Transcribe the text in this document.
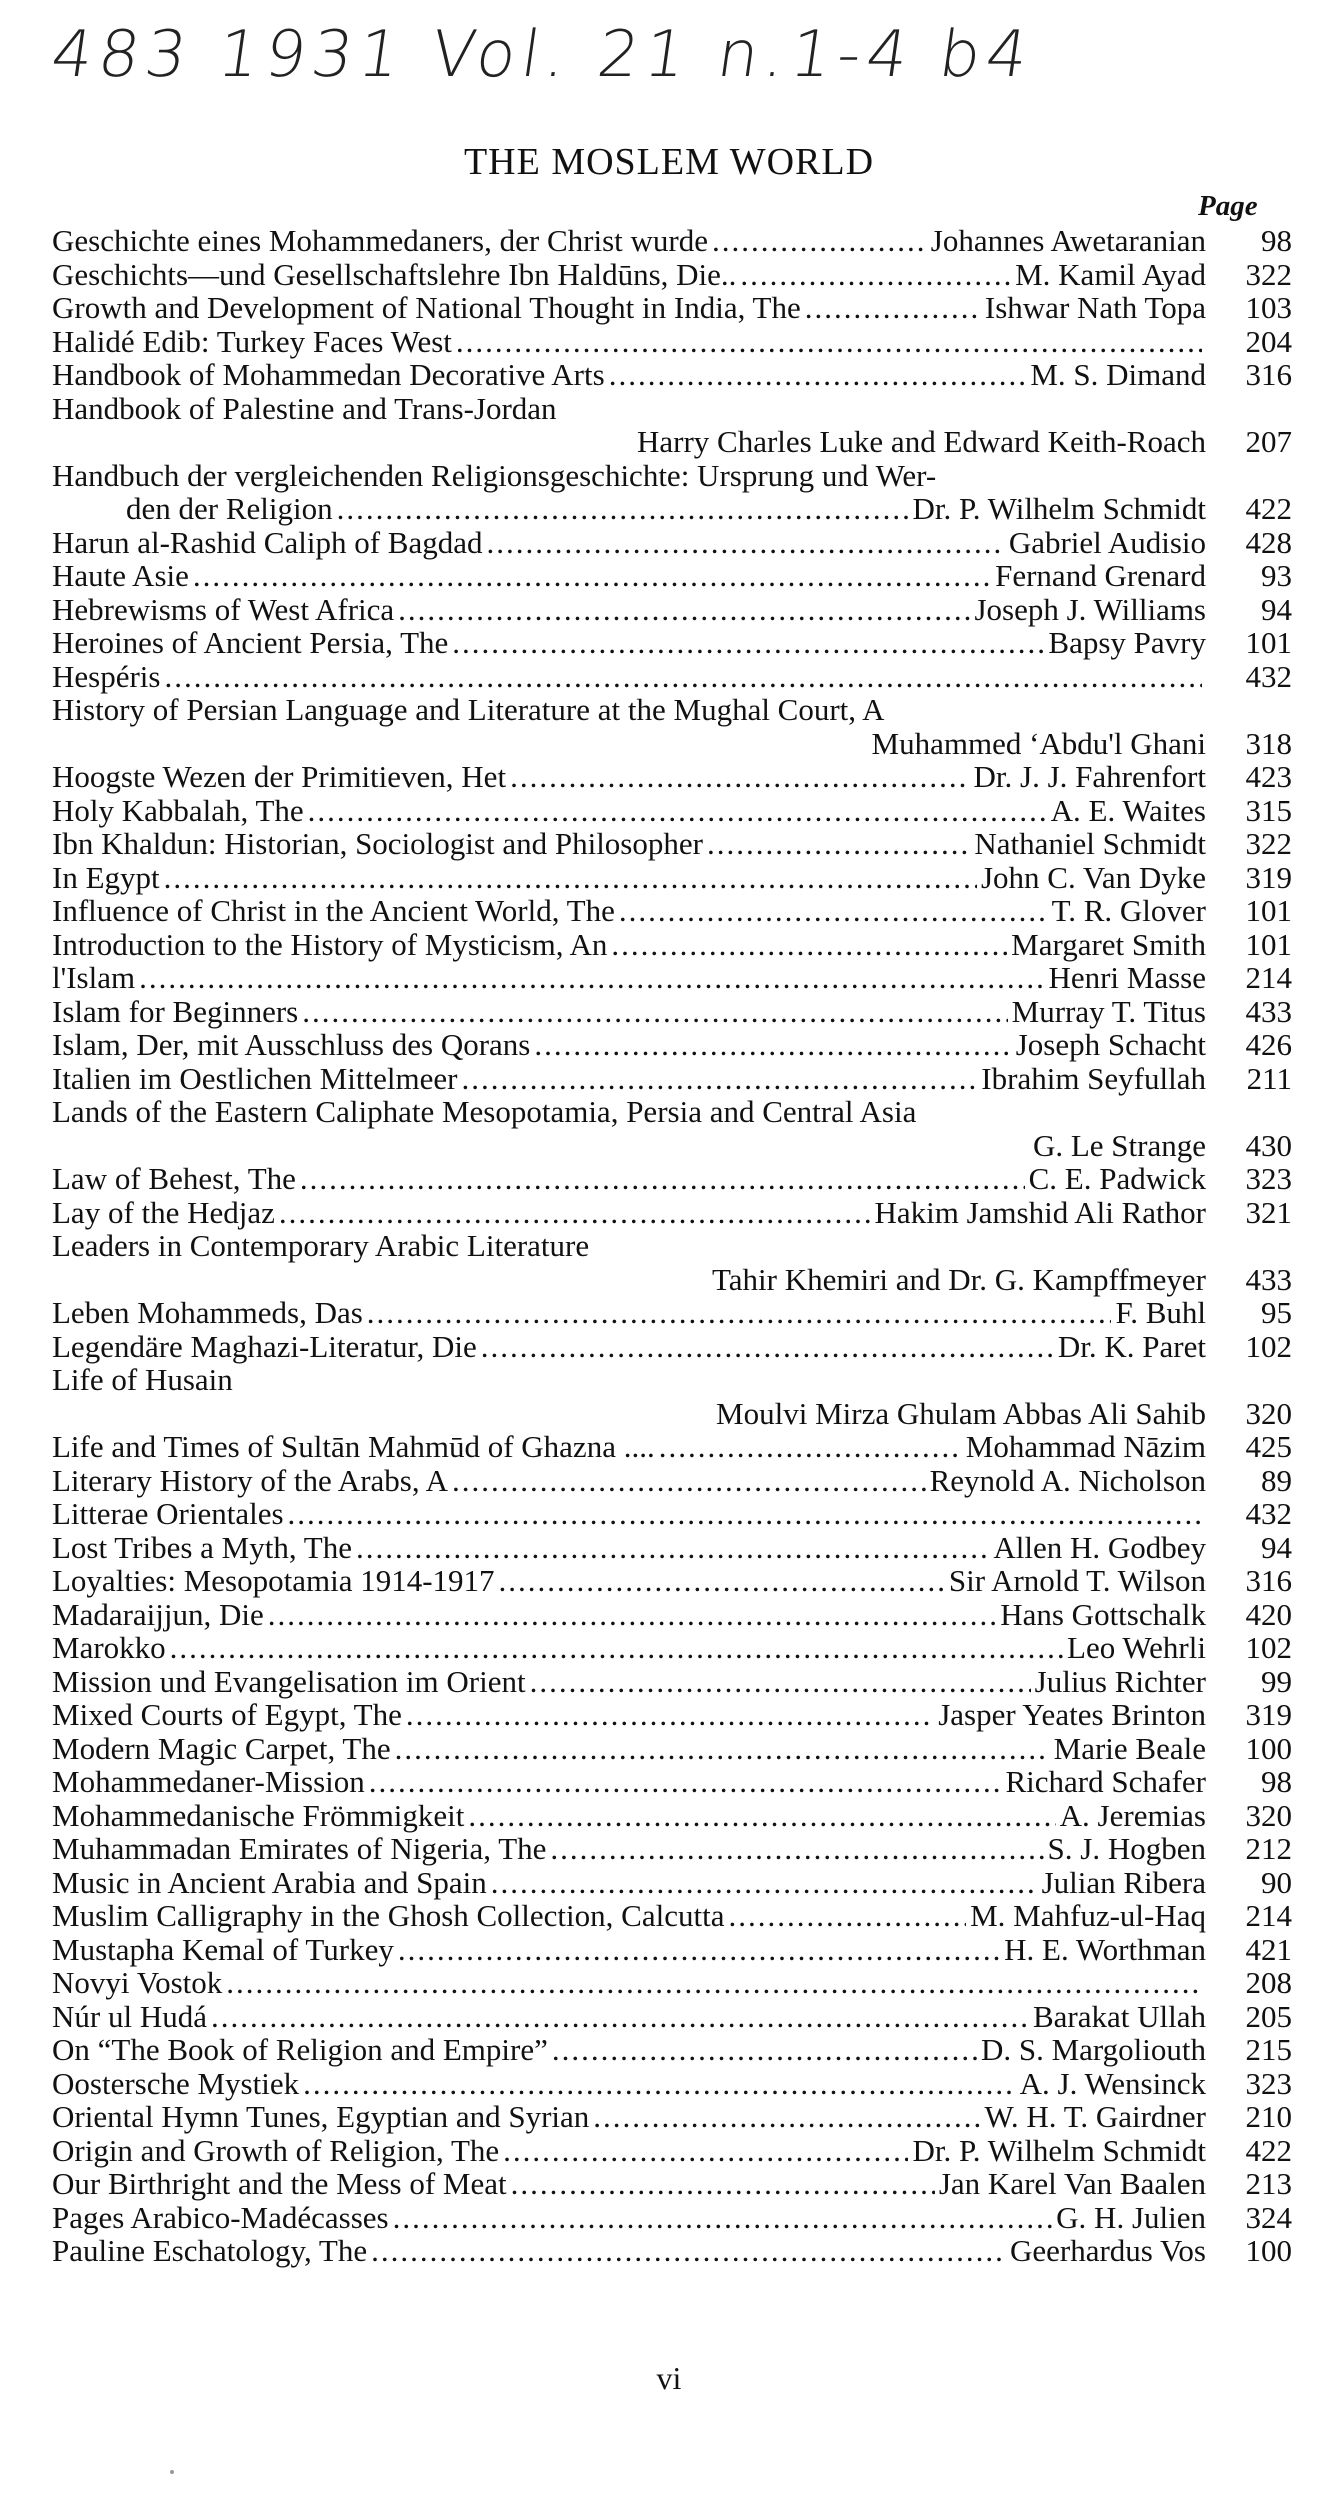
483 1931 Vol. 21 n.1-4 b4
THE MOSLEM WORLD
Page
Geschichte eines Mohammedaners, der Christ wurde .....	Johannes Awetaranian	98
Geschichts—und Gesellschaftslehre Ibn Haldūns, Die.. .....	M. Kamil Ayad	322
Growth and Development of National Thought in India, The .....	Ishwar Nath Topa	103
Halidé Edib: Turkey Faces West .....	204
Handbook of Mohammedan Decorative Arts .....	M. S. Dimand	316
Handbook of Palestine and Trans-Jordan
Harry Charles Luke and Edward Keith-Roach	207
Handbuch der vergleichenden Religionsgeschichte: Ursprung und Wer-
den der Religion .....	Dr. P. Wilhelm Schmidt	422
Harun al-Rashid Caliph of Bagdad .....	Gabriel Audisio	428
Haute Asie .....	Fernand Grenard	93
Hebrewisms of West Africa .....	Joseph J. Williams	94
Heroines of Ancient Persia, The .....	Bapsy Pavry	101
Hespéris .....	432
History of Persian Language and Literature at the Mughal Court, A
Muhammed ‘Abdu'l Ghani	318
Hoogste Wezen der Primitieven, Het .....	Dr. J. J. Fahrenfort	423
Holy Kabbalah, The .....	A. E. Waites	315
Ibn Khaldun: Historian, Sociologist and Philosopher .....	Nathaniel Schmidt	322
In Egypt .....	John C. Van Dyke	319
Influence of Christ in the Ancient World, The .....	T. R. Glover	101
Introduction to the History of Mysticism, An .....	Margaret Smith	101
l'Islam .....	Henri Masse	214
Islam for Beginners .....	Murray T. Titus	433
Islam, Der, mit Ausschluss des Qorans .....	Joseph Schacht	426
Italien im Oestlichen Mittelmeer .....	Ibrahim Seyfullah	211
Lands of the Eastern Caliphate Mesopotamia, Persia and Central Asia
G. Le Strange	430
Law of Behest, The .....	C. E. Padwick	323
Lay of the Hedjaz .....	Hakim Jamshid Ali Rathor	321
Leaders in Contemporary Arabic Literature
Tahir Khemiri and Dr. G. Kampffmeyer	433
Leben Mohammeds, Das .....	F. Buhl	95
Legendäre Maghazi-Literatur, Die .....	Dr. K. Paret	102
Life of Husain
Moulvi Mirza Ghulam Abbas Ali Sahib	320
Life and Times of Sultān Mahmūd of Ghazna .... .....	Mohammad Nāzim	425
Literary History of the Arabs, A .....	Reynold A. Nicholson	89
Litterae Orientales .....	432
Lost Tribes a Myth, The .....	Allen H. Godbey	94
Loyalties: Mesopotamia 1914-1917 .....	Sir Arnold T. Wilson	316
Madaraijjun, Die .....	Hans Gottschalk	420
Marokko .....	Leo Wehrli	102
Mission und Evangelisation im Orient .....	Julius Richter	99
Mixed Courts of Egypt, The .....	Jasper Yeates Brinton	319
Modern Magic Carpet, The .....	Marie Beale	100
Mohammedaner-Mission .....	Richard Schafer	98
Mohammedanische Frömmigkeit .....	A. Jeremias	320
Muhammadan Emirates of Nigeria, The .....	S. J. Hogben	212
Music in Ancient Arabia and Spain .....	Julian Ribera	90
Muslim Calligraphy in the Ghosh Collection, Calcutta .....	M. Mahfuz-ul-Haq	214
Mustapha Kemal of Turkey .....	H. E. Worthman	421
Novyi Vostok .....	208
Núr ul Hudá .....	Barakat Ullah	205
On “The Book of Religion and Empire” .....	D. S. Margoliouth	215
Oostersche Mystiek .....	A. J. Wensinck	323
Oriental Hymn Tunes, Egyptian and Syrian .....	W. H. T. Gairdner	210
Origin and Growth of Religion, The .....	Dr. P. Wilhelm Schmidt	422
Our Birthright and the Mess of Meat .....	Jan Karel Van Baalen	213
Pages Arabico-Madécasses .....	G. H. Julien	324
Pauline Eschatology, The .....	Geerhardus Vos	100
vi
